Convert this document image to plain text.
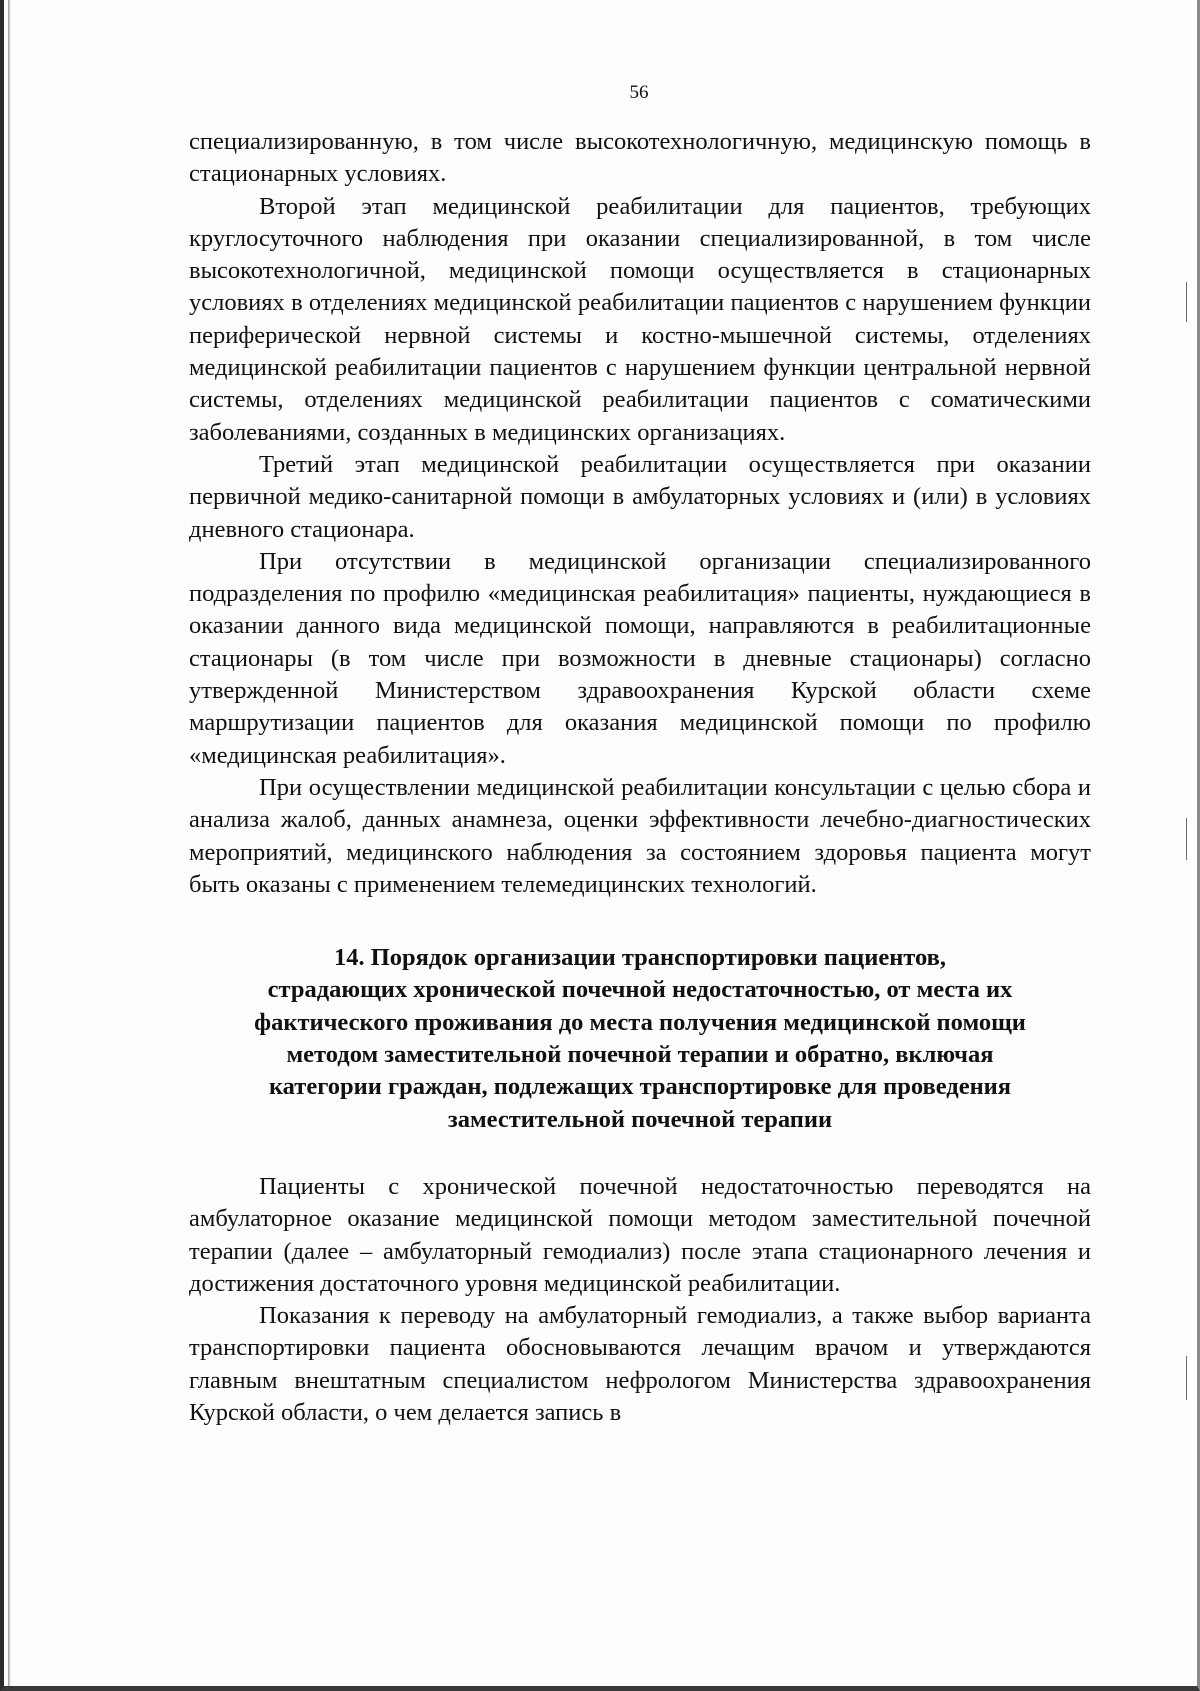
56

специализированную, в том числе высокотехнологичную, медицинскую помощь в стационарных условиях.

Второй этап медицинской реабилитации для пациентов, требующих круглосуточного наблюдения при оказании специализированной, в том числе высокотехнологичной, медицинской помощи осуществляется в стационарных условиях в отделениях медицинской реабилитации пациентов с нарушением функции периферической нервной системы и костно-мышечной системы, отделениях медицинской реабилитации пациентов с нарушением функции центральной нервной системы, отделениях медицинской реабилитации пациентов с соматическими заболеваниями, созданных в медицинских организациях.

Третий этап медицинской реабилитации осуществляется при оказании первичной медико-санитарной помощи в амбулаторных условиях и (или) в условиях дневного стационара.

При отсутствии в медицинской организации специализированного подразделения по профилю «медицинская реабилитация» пациенты, нуждающиеся в оказании данного вида медицинской помощи, направляются в реабилитационные стационары (в том числе при возможности в дневные стационары) согласно утвержденной Министерством здравоохранения Курской области схеме маршрутизации пациентов для оказания медицинской помощи по профилю «медицинская реабилитация».

При осуществлении медицинской реабилитации консультации с целью сбора и анализа жалоб, данных анамнеза, оценки эффективности лечебно-диагностических мероприятий, медицинского наблюдения за состоянием здоровья пациента могут быть оказаны с применением телемедицинских технологий.

14. Порядок организации транспортировки пациентов,
страдающих хронической почечной недостаточностью, от места их
фактического проживания до места получения медицинской помощи
методом заместительной почечной терапии и обратно, включая
категории граждан, подлежащих транспортировке для проведения
заместительной почечной терапии

Пациенты с хронической почечной недостаточностью переводятся на амбулаторное оказание медицинской помощи методом заместительной почечной терапии (далее – амбулаторный гемодиализ) после этапа стационарного лечения и достижения достаточного уровня медицинской реабилитации.

Показания к переводу на амбулаторный гемодиализ, а также выбор варианта транспортировки пациента обосновываются лечащим врачом и утверждаются главным внештатным специалистом нефрологом Министерства здравоохранения Курской области, о чем делается запись в
